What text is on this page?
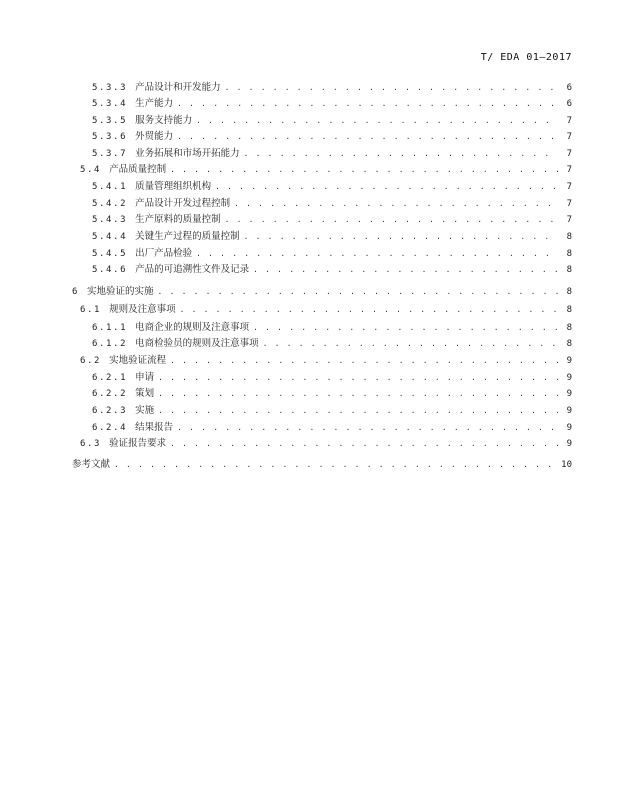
T/ EDA 01—2017
5.3.3 产品设计和开发能力 . . .	6
5.3.4 生产能力 . . .	6
5.3.5 服务支持能力 . . .	7
5.3.6 外贸能力 . . .	7
5.3.7 业务拓展和市场开拓能力 . . .	7
5.4 产品质量控制 . . .	7
5.4.1 质量管理组织机构 . . .	7
5.4.2 产品设计开发过程控制 . . .	7
5.4.3 生产原料的质量控制 . . .	7
5.4.4 关键生产过程的质量控制 . . .	8
5.4.5 出厂产品检验 . . .	8
5.4.6 产品的可追溯性文件及记录 . . .	8
6 实地验证的实施 . . .	8
6.1 规则及注意事项 . . .	8
6.1.1 电商企业的规则及注意事项 . . .	8
6.1.2 电商检验员的规则及注意事项 . . .	8
6.2 实地验证流程 . . .	9
6.2.1 申请 . . .	9
6.2.2 策划 . . .	9
6.2.3 实施 . . .	9
6.2.4 结果报告 . . .	9
6.3 验证报告要求 . . .	9
参考文献 . . .	10
